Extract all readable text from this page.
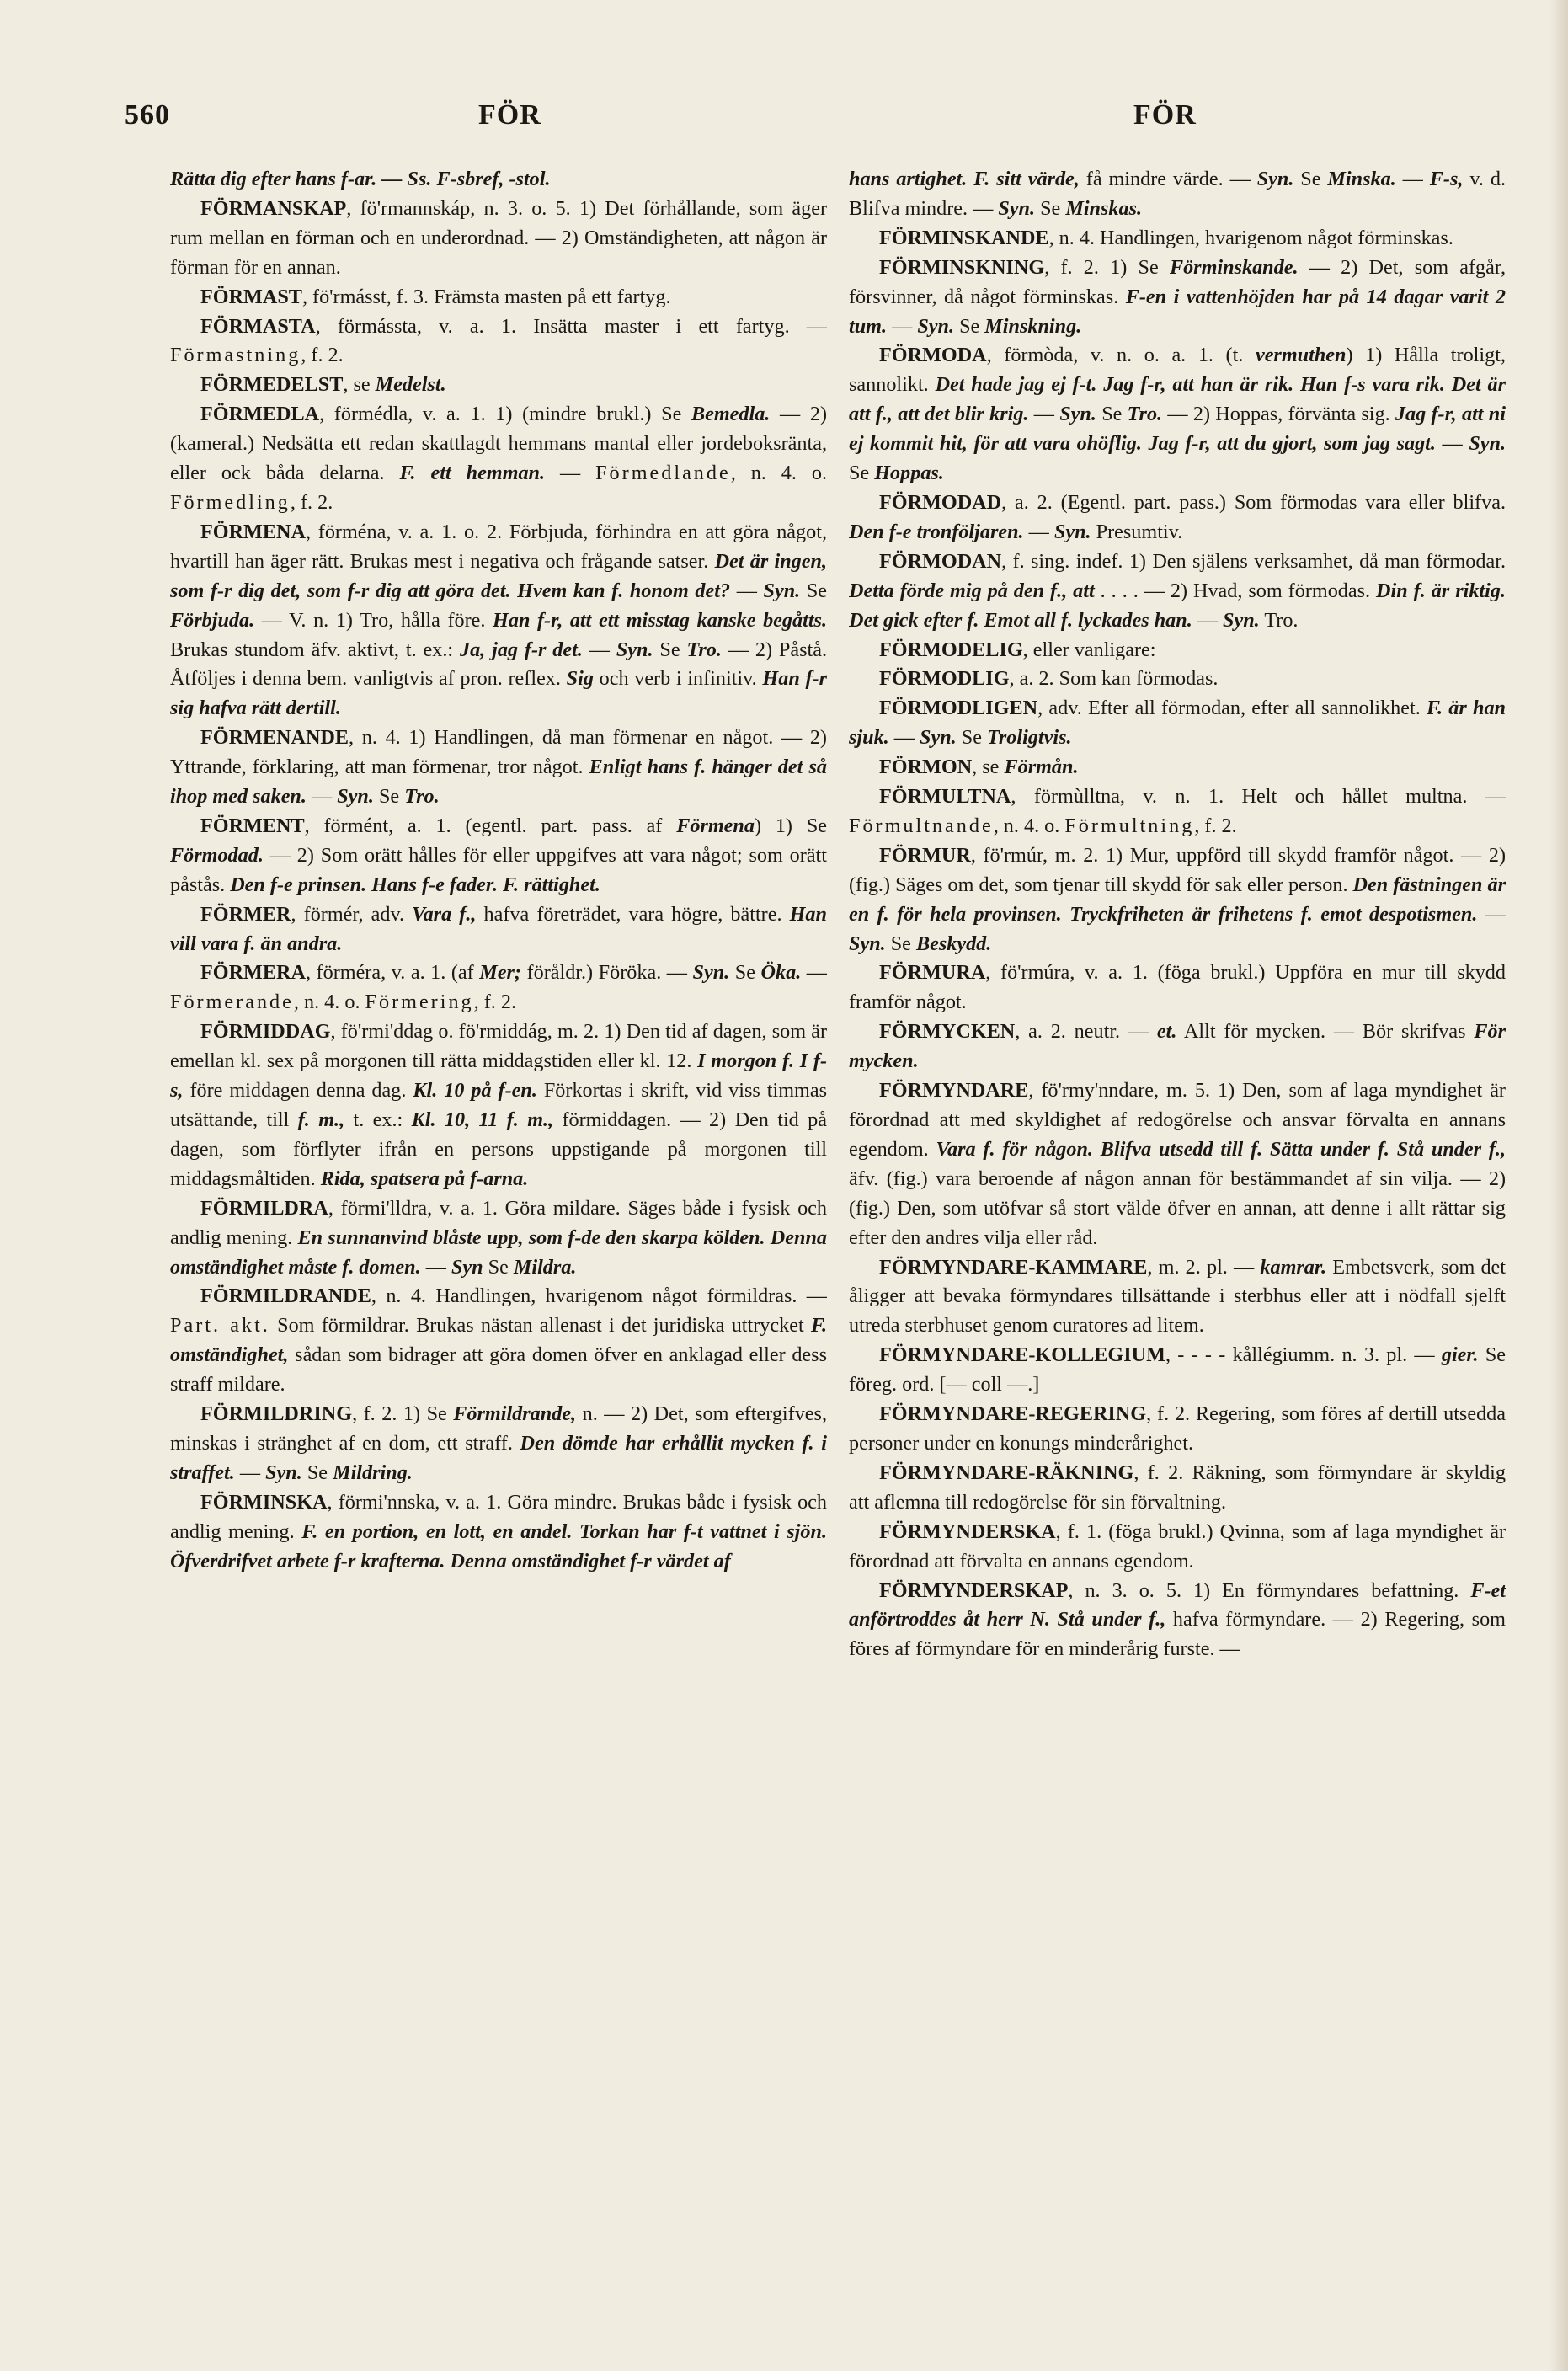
560	FÖR	FÖR

Rätta dig efter hans f-ar. — Ss. F-sbref, -stol.

FÖRMANSKAP, fö'rmannskáp, n. 3. o. 5. 1) Det förhållande, som äger rum mellan en förman och en underordnad. — 2) Omständigheten, att någon är förman för en annan.

FÖRMAST, fö'rmásst, f. 3. Främsta masten på ett fartyg.

FÖRMASTA, förmássta, v. a. 1. Insätta master i ett fartyg. — Förmastning, f. 2.

FÖRMEDELST, se Medelst.

FÖRMEDLA, förmédla, v. a. 1. 1) (mindre brukl.) Se Bemedla. — 2) (kameral.) Nedsätta ett redan skattlagdt hemmans mantal eller jordeboksränta, eller ock båda delarna. F. ett hemman. — Förmedlande, n. 4. o. Förmedling, f. 2.

FÖRMENA, förména, v. a. 1. o. 2. Förbjuda, förhindra en att göra något, hvartill han äger rätt. Brukas mest i negativa och frågande satser. Det är ingen, som f-r dig det, som f-r dig att göra det. Hvem kan f. honom det? — Syn. Se Förbjuda. — V. n. 1) Tro, hålla före. Han f-r, att ett misstag kanske begåtts. Brukas stundom äfv. aktivt, t. ex.: Ja, jag f-r det. — Syn. Se Tro. — 2) Påstå. Åtföljes i denna bem. vanligtvis af pron. reflex. Sig och verb i infinitiv. Han f-r sig hafva rätt dertill.

FÖRMENANDE, n. 4. 1) Handlingen, då man förmenar en något. — 2) Yttrande, förklaring, att man förmenar, tror något. Enligt hans f. hänger det så ihop med saken. — Syn. Se Tro.

FÖRMENT, förmént, a. 1. (egentl. part. pass. af Förmena) 1) Se Förmodad. — 2) Som orätt hålles för eller uppgifves att vara något; som orätt påstås. Den f-e prinsen. Hans f-e fader. F. rättighet.

FÖRMER, förmér, adv. Vara f., hafva företrädet, vara högre, bättre. Han vill vara f. än andra.

FÖRMERA, förméra, v. a. 1. (af Mer; föråldr.) Föröka. — Syn. Se Öka. — Förmerande, n. 4. o. Förmering, f. 2.

FÖRMIDDAG, fö'rmi'ddag o. fö'rmiddág, m. 2. 1) Den tid af dagen, som är emellan kl. sex på morgonen till rätta middagstiden eller kl. 12. I morgon f. I f-s, före middagen denna dag. Kl. 10 på f-en. Förkortas i skrift, vid viss timmas utsättande, till f. m., t. ex.: Kl. 10, 11 f. m., förmiddagen. — 2) Den tid på dagen, som förflyter ifrån en persons uppstigande på morgonen till middagsmåltiden. Rida, spatsera på f-arna.

FÖRMILDRA, förmi'lldra, v. a. 1. Göra mildare. Säges både i fysisk och andlig mening. En sunnanvind blåste upp, som f-de den skarpa kölden. Denna omständighet måste f. domen. — Syn Se Mildra.

FÖRMILDRANDE, n. 4. Handlingen, hvarigenom något förmildras. — Part. akt. Som förmildrar. Brukas nästan allenast i det juridiska uttrycket F. omständighet, sådan som bidrager att göra domen öfver en anklagad eller dess straff mildare.

FÖRMILDRING, f. 2. 1) Se Förmildrande, n. — 2) Det, som eftergifves, minskas i stränghet af en dom, ett straff. Den dömde har erhållit mycken f. i straffet. — Syn. Se Mildring.

FÖRMINSKA, förmi'nnska, v. a. 1. Göra mindre. Brukas både i fysisk och andlig mening. F. en portion, en lott, en andel. Torkan har f-t vattnet i sjön. Öfverdrifvet arbete f-r krafterna. Denna omständighet f-r värdet af

hans artighet. F. sitt värde, få mindre värde. — Syn. Se Minska. — F-s, v. d. Blifva mindre. — Syn. Se Minskas.

FÖRMINSKANDE, n. 4. Handlingen, hvarigenom något förminskas.

FÖRMINSKNING, f. 2. 1) Se Förminskande. — 2) Det, som afgår, försvinner, då något förminskas. F-en i vattenhöjden har på 14 dagar varit 2 tum. — Syn. Se Minskning.

FÖRMODA, förmòda, v. n. o. a. 1. (t. vermuthen) 1) Hålla troligt, sannolikt. Det hade jag ej f-t. Jag f-r, att han är rik. Han f-s vara rik. Det är att f., att det blir krig. — Syn. Se Tro. — 2) Hoppas, förvänta sig. Jag f-r, att ni ej kommit hit, för att vara ohöflig. Jag f-r, att du gjort, som jag sagt. — Syn. Se Hoppas.

FÖRMODAD, a. 2. (Egentl. part. pass.) Som förmodas vara eller blifva. Den f-e tronföljaren. — Syn. Presumtiv.

FÖRMODAN, f. sing. indef. 1) Den själens verksamhet, då man förmodar. Detta förde mig på den f., att . . . . — 2) Hvad, som förmodas. Din f. är riktig. Det gick efter f. Emot all f. lyckades han. — Syn. Tro.

FÖRMODELIG, eller vanligare:

FÖRMODLIG, a. 2. Som kan förmodas.

FÖRMODLIGEN, adv. Efter all förmodan, efter all sannolikhet. F. är han sjuk. — Syn. Se Troligtvis.

FÖRMON, se Förmån.

FÖRMULTNA, förmùlltna, v. n. 1. Helt och hållet multna. — Förmultnande, n. 4. o. Förmultning, f. 2.

FÖRMUR, fö'rmúr, m. 2. 1) Mur, uppförd till skydd framför något. — 2) (fig.) Säges om det, som tjenar till skydd för sak eller person. Den fästningen är en f. för hela provinsen. Tryckfriheten är frihetens f. emot despotismen. — Syn. Se Beskydd.

FÖRMURA, fö'rmúra, v. a. 1. (föga brukl.) Uppföra en mur till skydd framför något.

FÖRMYCKEN, a. 2. neutr. — et. Allt för mycken. — Bör skrifvas För mycken.

FÖRMYNDARE, fö'rmy'nndare, m. 5. 1) Den, som af laga myndighet är förordnad att med skyldighet af redogörelse och ansvar förvalta en annans egendom. Vara f. för någon. Blifva utsedd till f. Sätta under f. Stå under f., äfv. (fig.) vara beroende af någon annan för bestämmandet af sin vilja. — 2) (fig.) Den, som utöfvar så stort välde öfver en annan, att denne i allt rättar sig efter den andres vilja eller råd.

FÖRMYNDARE-KAMMARE, m. 2. pl. — kamrar. Embetsverk, som det åligger att bevaka förmyndares tillsättande i sterbhus eller att i nödfall sjelft utreda sterbhuset genom curatores ad litem.

FÖRMYNDARE-KOLLEGIUM, - - - - kållégiumm. n. 3. pl. — gier. Se föreg. ord. [— coll —.]

FÖRMYNDARE-REGERING, f. 2. Regering, som föres af dertill utsedda personer under en konungs minderårighet.

FÖRMYNDARE-RÄKNING, f. 2. Räkning, som förmyndare är skyldig att aflemna till redogörelse för sin förvaltning.

FÖRMYNDERSKA, f. 1. (föga brukl.) Qvinna, som af laga myndighet är förordnad att förvalta en annans egendom.

FÖRMYNDERSKAP, n. 3. o. 5. 1) En förmyndares befattning. F-et anförtroddes åt herr N. Stå under f., hafva förmyndare. — 2) Regering, som föres af förmyndare för en minderårig furste. —
